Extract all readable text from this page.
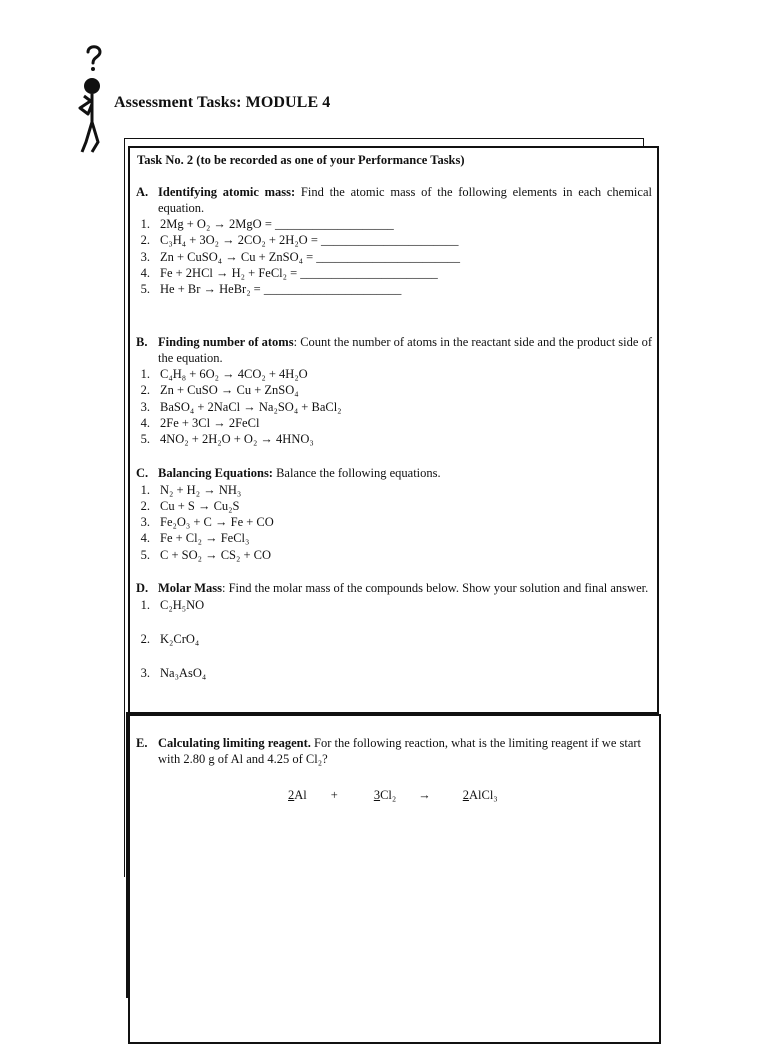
Assessment Tasks: MODULE 4
Task No. 2 (to be recorded as one of your Performance Tasks)
A. Identifying atomic mass: Find the atomic mass of the following elements in each chemical equation.
1. 2Mg + O₂ → 2MgO = ___________________
2. C₃H₄ + 3O₂ → 2CO₂ + 2H₂O = ______________________
3. Zn + CuSO₄ → Cu + ZnSO₄ = _______________________
4. Fe + 2HCl → H₂ + FeCl₂ = ______________________
5. He + Br → HeBr₂ = ______________________
B. Finding number of atoms: Count the number of atoms in the reactant side and the product side of the equation.
1. C₄H₈ + 6O₂ → 4CO₂ + 4H₂O
2. Zn + CuSO → Cu + ZnSO₄
3. BaSO₄ + 2NaCl → Na₂SO₄ + BaCl₂
4. 2Fe + 3Cl → 2FeCl
5. 4NO₂ + 2H₂O + O₂ → 4HNO₃
C. Balancing Equations: Balance the following equations.
1. N₂ + H₂ → NH₃
2. Cu + S → Cu₂S
3. Fe₂O₃ + C → Fe + CO
4. Fe + Cl₂ → FeCl₃
5. C + SO₂ → CS₂ + CO
D. Molar Mass: Find the molar mass of the compounds below. Show your solution and final answer.
1. C₂H₅NO
2. K₂CrO₄
3. Na₃AsO₄
E. Calculating limiting reagent. For the following reaction, what is the limiting reagent if we start with 2.80 g of Al and 4.25 of Cl₂?
2 Al +	3 Cl₂ →	2 AlCl₃
